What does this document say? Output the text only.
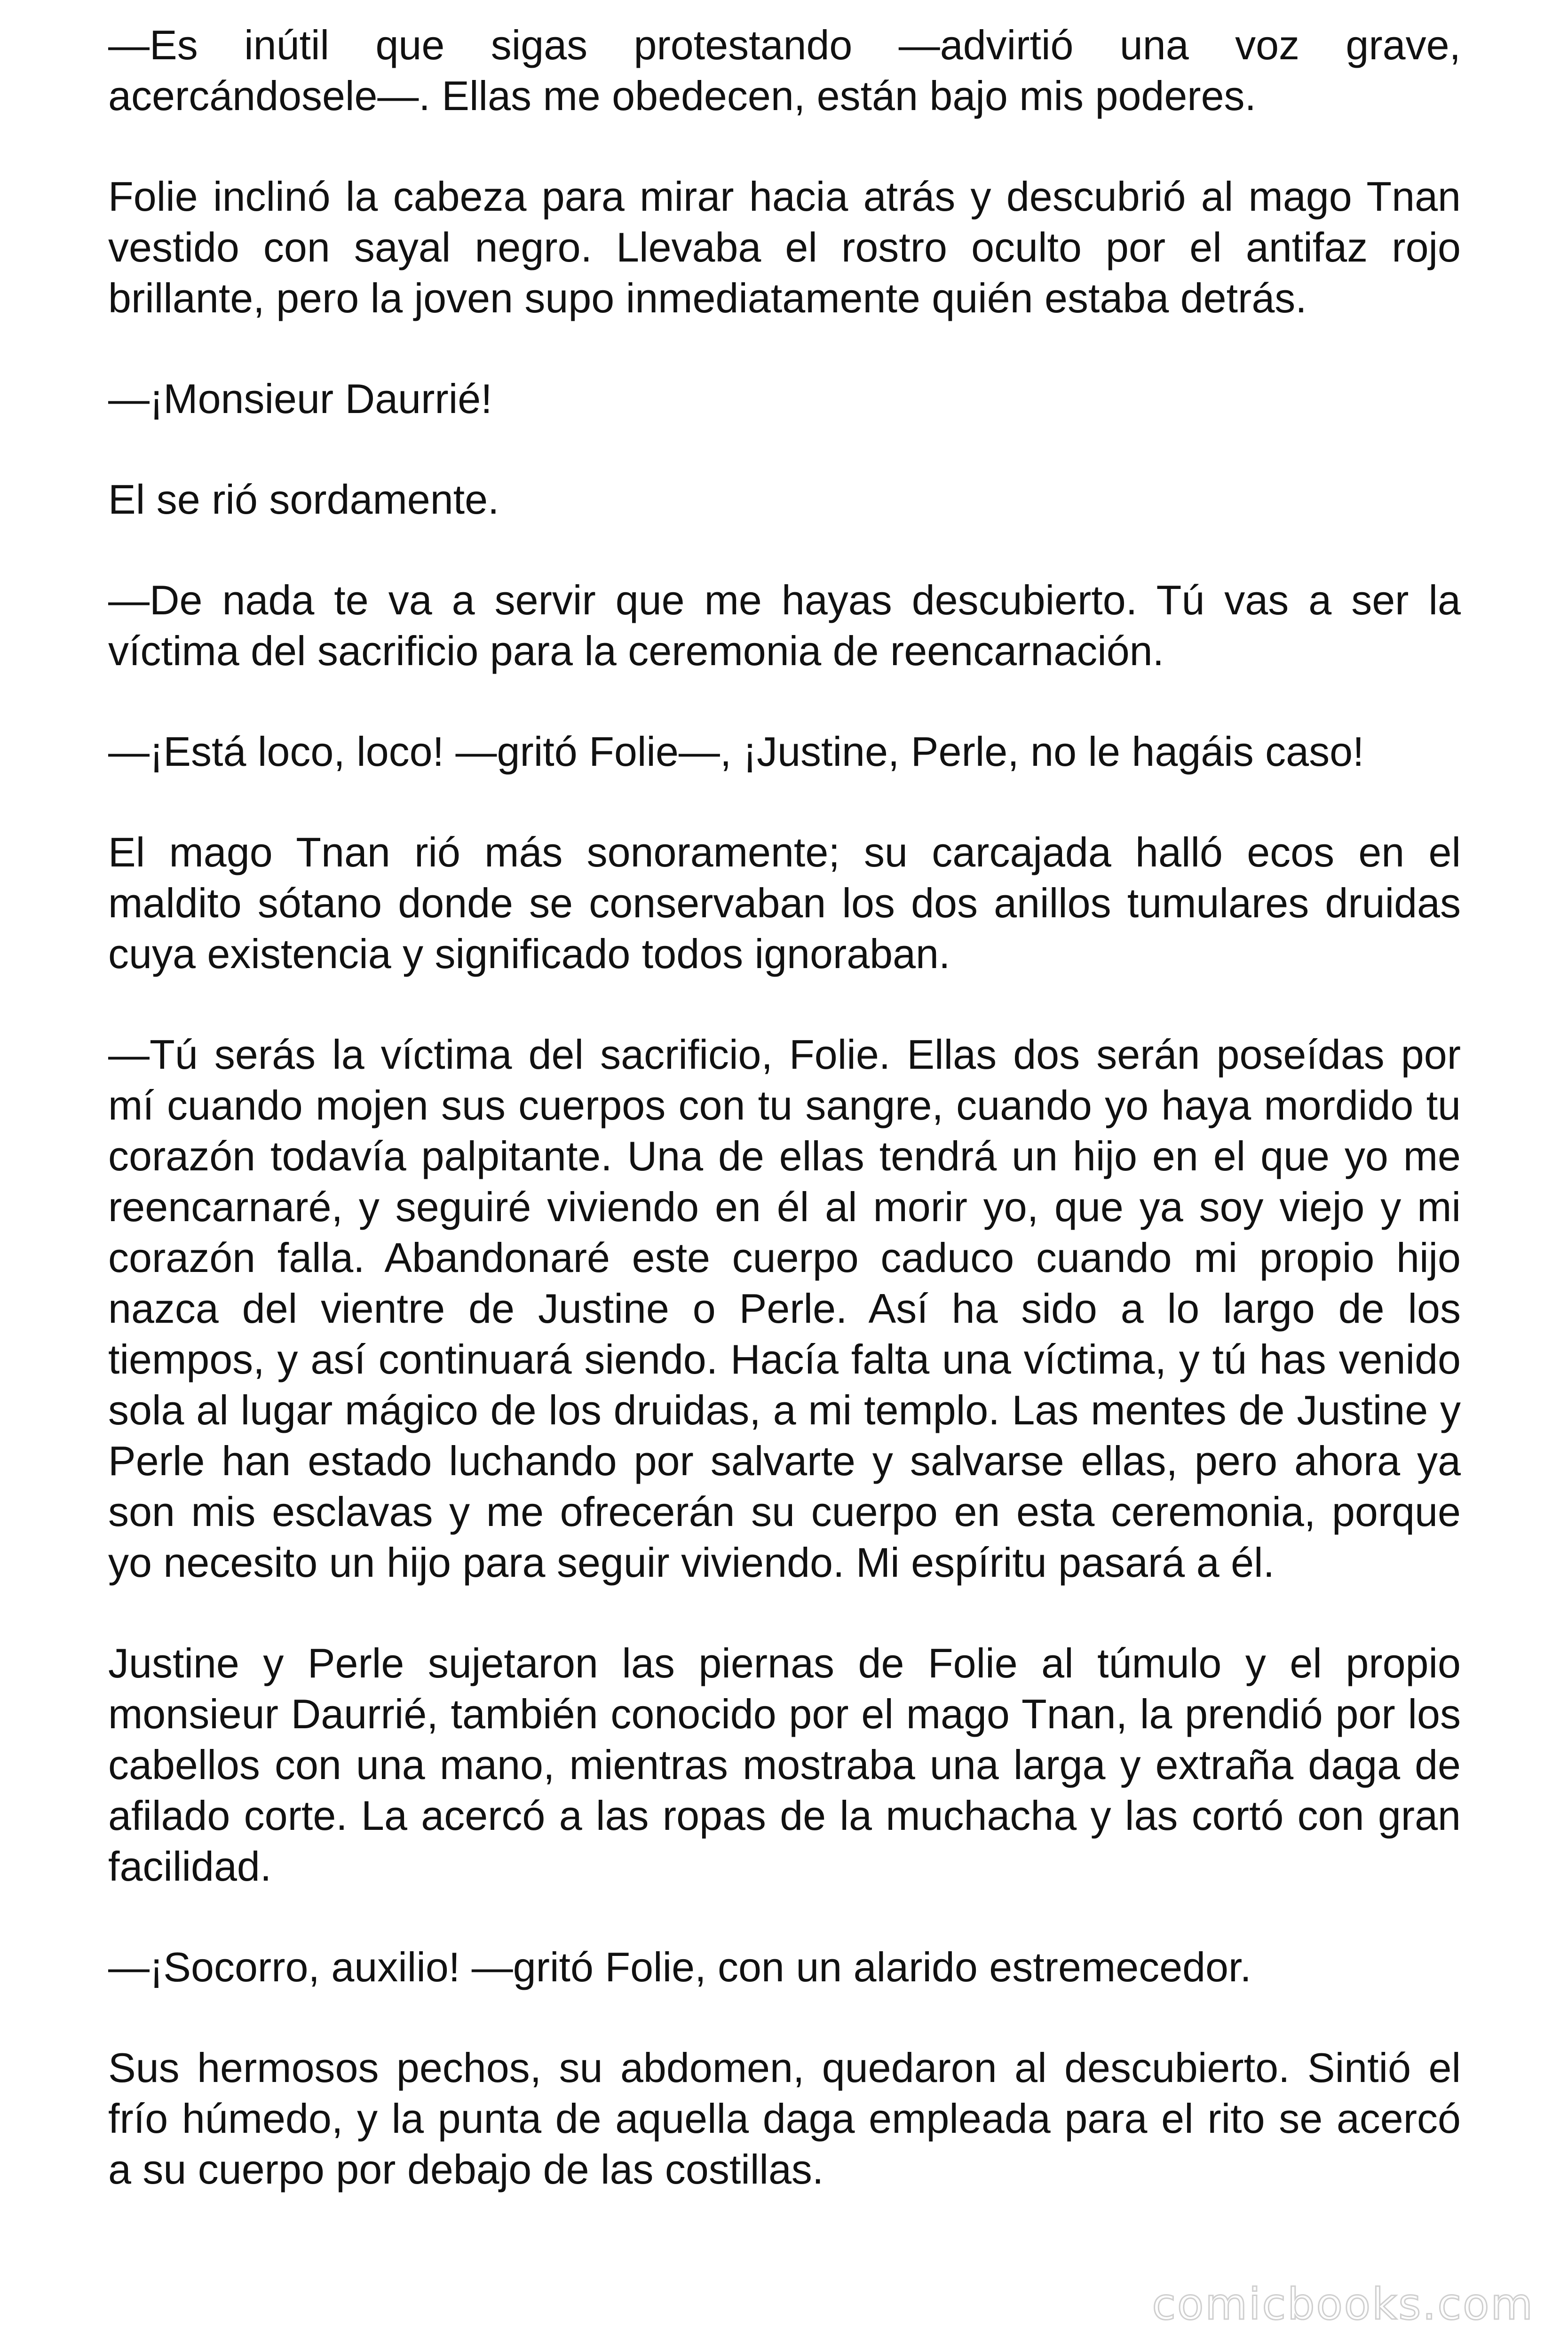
—Es inútil que sigas protestando —advirtió una voz grave, acercándosele—. Ellas me obedecen, están bajo mis poderes.

Folie inclinó la cabeza para mirar hacia atrás y descubrió al mago Tnan vestido con sayal negro. Llevaba el rostro oculto por el antifaz rojo brillante, pero la joven supo inmediatamente quién estaba detrás.

—¡Monsieur Daurrié!

El se rió sordamente.

—De nada te va a servir que me hayas descubierto. Tú vas a ser la víctima del sacrificio para la ceremonia de reencarnación.

—¡Está loco, loco! —gritó Folie—, ¡Justine, Perle, no le hagáis caso!

El mago Tnan rió más sonoramente; su carcajada halló ecos en el maldito sótano donde se conservaban los dos anillos tumulares druidas cuya existencia y significado todos ignoraban.

—Tú serás la víctima del sacrificio, Folie. Ellas dos serán poseídas por mí cuando mojen sus cuerpos con tu sangre, cuando yo haya mordido tu corazón todavía palpitante. Una de ellas tendrá un hijo en el que yo me reencarnaré, y seguiré viviendo en él al morir yo, que ya soy viejo y mi corazón falla. Abandonaré este cuerpo caduco cuando mi propio hijo nazca del vientre de Justine o Perle. Así ha sido a lo largo de los tiempos, y así continuará siendo. Hacía falta una víctima, y tú has venido sola al lugar mágico de los druidas, a mi templo. Las mentes de Justine y Perle han estado luchando por salvarte y salvarse ellas, pero ahora ya son mis esclavas y me ofrecerán su cuerpo en esta ceremonia, porque yo necesito un hijo para seguir viviendo. Mi espíritu pasará a él.

Justine y Perle sujetaron las piernas de Folie al túmulo y el propio monsieur Daurrié, también conocido por el mago Tnan, la prendió por los cabellos con una mano, mientras mostraba una larga y extraña daga de afilado corte. La acercó a las ropas de la muchacha y las cortó con gran facilidad.

—¡Socorro, auxilio! —gritó Folie, con un alarido estremecedor.

Sus hermosos pechos, su abdomen, quedaron al descubierto. Sintió el frío húmedo, y la punta de aquella daga empleada para el rito se acercó a su cuerpo por debajo de las costillas.

comicbooks.com
